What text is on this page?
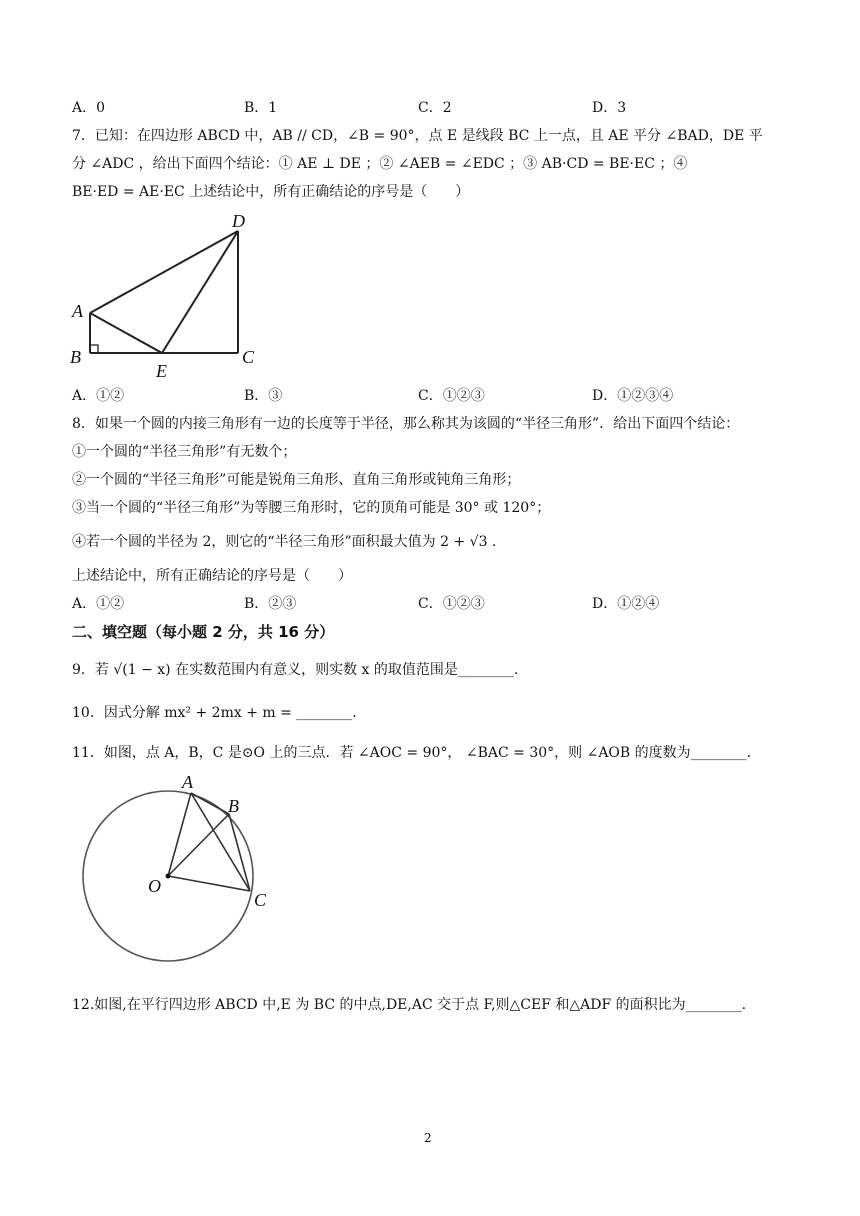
A．0	B．1	C．2	D．3
7．已知：在四边形 ABCD 中，AB // CD，∠B = 90°，点 E 是线段 BC 上一点，且 AE 平分 ∠BAD，DE 平
分 ∠ADC ，给出下面四个结论：① AE ⊥ DE ；② ∠AEB = ∠EDC ；③ AB·CD = BE·EC ；④
BE·ED = AE·EC 上述结论中，所有正确结论的序号是（　　）
D
A
B	C
E
A．①②	B．③	C．①②③	D．①②③④
8．如果一个圆的内接三角形有一边的长度等于半径，那么称其为该圆的“半径三角形”．给出下面四个结论：
①一个圆的“半径三角形”有无数个；
②一个圆的“半径三角形”可能是锐角三角形、直角三角形或钝角三角形；
③当一个圆的“半径三角形”为等腰三角形时，它的顶角可能是 30° 或 120°；
④若一个圆的半径为 2，则它的“半径三角形”面积最大值为 2 + √3 .
上述结论中，所有正确结论的序号是（　　）
A．①②	B．②③	C．①②③	D．①②④
二、填空题（每小题 2 分，共 16 分）
9．若 √(1 − x) 在实数范围内有意义，则实数 x 的取值范围是________.
10．因式分解 mx² + 2mx + m = ________.
11．如图，点 A，B，C 是⊙O 上的三点．若 ∠AOC = 90°， ∠BAC = 30°，则 ∠AOB 的度数为________.
A
B
O
C
12.如图,在平行四边形 ABCD 中,E 为 BC 的中点,DE,AC 交于点 F,则△CEF 和△ADF 的面积比为________.
2
